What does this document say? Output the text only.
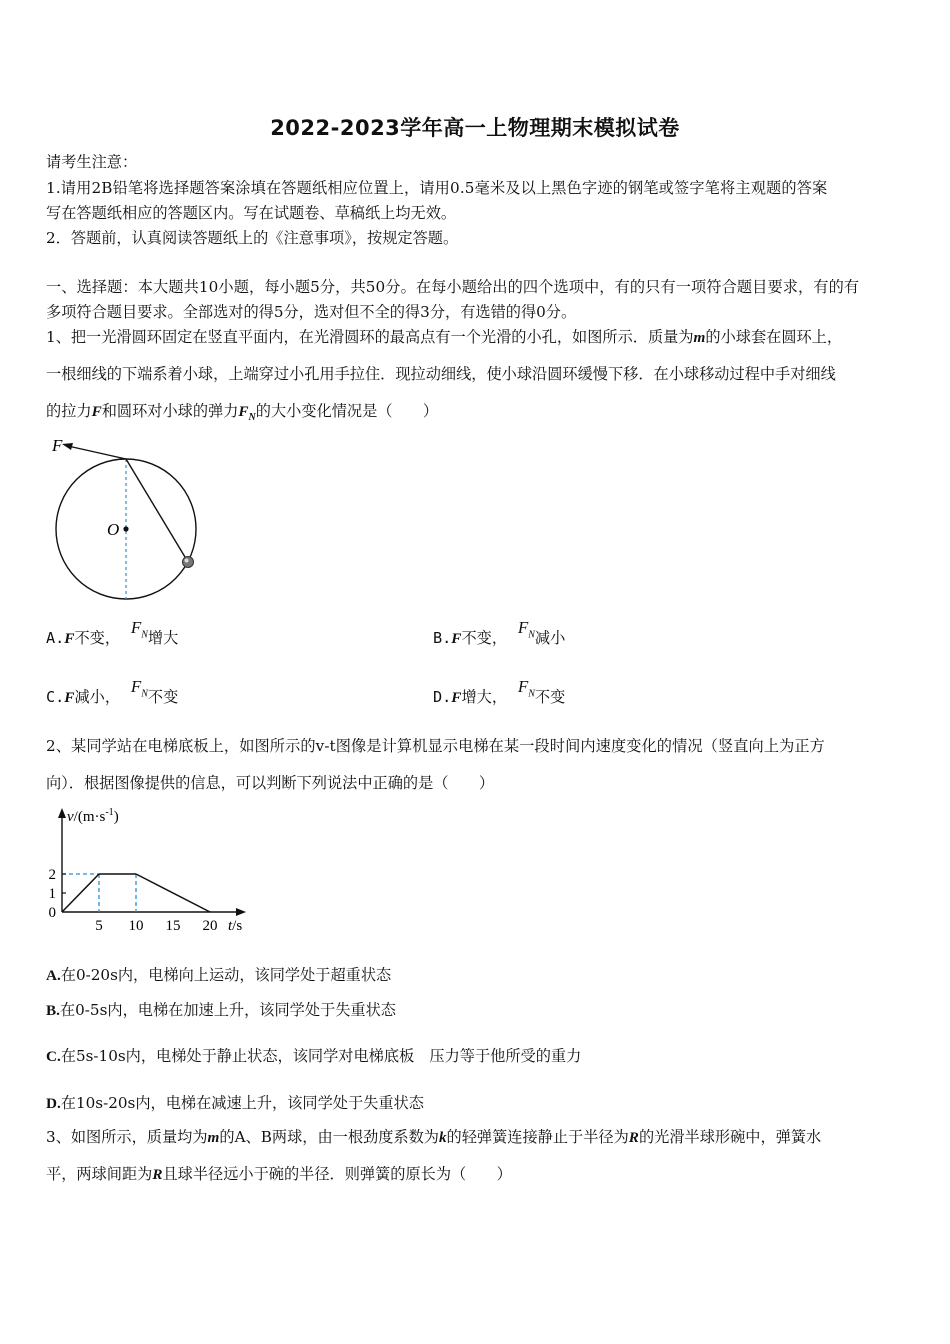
2022-2023学年高一上物理期末模拟试卷
请考生注意：
1.请用2B铅笔将选择题答案涂填在答题纸相应位置上，请用0.5毫米及以上黑色字迹的钢笔或签字笔将主观题的答案
写在答题纸相应的答题区内。写在试题卷、草稿纸上均无效。
2．答题前，认真阅读答题纸上的《注意事项》，按规定答题。
一、选择题：本大题共10小题，每小题5分，共50分。在每小题给出的四个选项中，有的只有一项符合题目要求，有的有
多项符合题目要求。全部选对的得5分，选对但不全的得3分，有选错的得0分。
1、把一光滑圆环固定在竖直平面内，在光滑圆环的最高点有一个光滑的小孔，如图所示．质量为m的小球套在圆环上，
一根细线的下端系着小球，上端穿过小孔用手拉住．现拉动细线，使小球沿圆环缓慢下移．在小球移动过程中手对细线
的拉力F和圆环对小球的弹力$F_N$的大小变化情况是（　　）
F
O
A.F不变， $F_N$增大	B.F不变， $F_N$减小
C.F减小， $F_N$不变	D.F增大， $F_N$不变
2、某同学站在电梯底板上，如图所示的v-t图像是计算机显示电梯在某一段时间内速度变化的情况（竖直向上为正方
向）．根据图像提供的信息，可以判断下列说法中正确的是（　　）
5 10 15 20
0
1
2
$v/(m\cdot s^{-1})$
t/s
A.在0-20s内，电梯向上运动，该同学处于超重状态
B.在0-5s内，电梯在加速上升，该同学处于失重状态
C.在5s-10s内，电梯处于静止状态，该同学对电梯底板　压力等于他所受的重力
D.在10s-20s内，电梯在减速上升，该同学处于失重状态
3、如图所示，质量均为m的A、B两球，由一根劲度系数为k的轻弹簧连接静止于半径为R的光滑半球形碗中，弹簧水
平，两球间距为R且球半径远小于碗的半径．则弹簧的原长为（　　）
